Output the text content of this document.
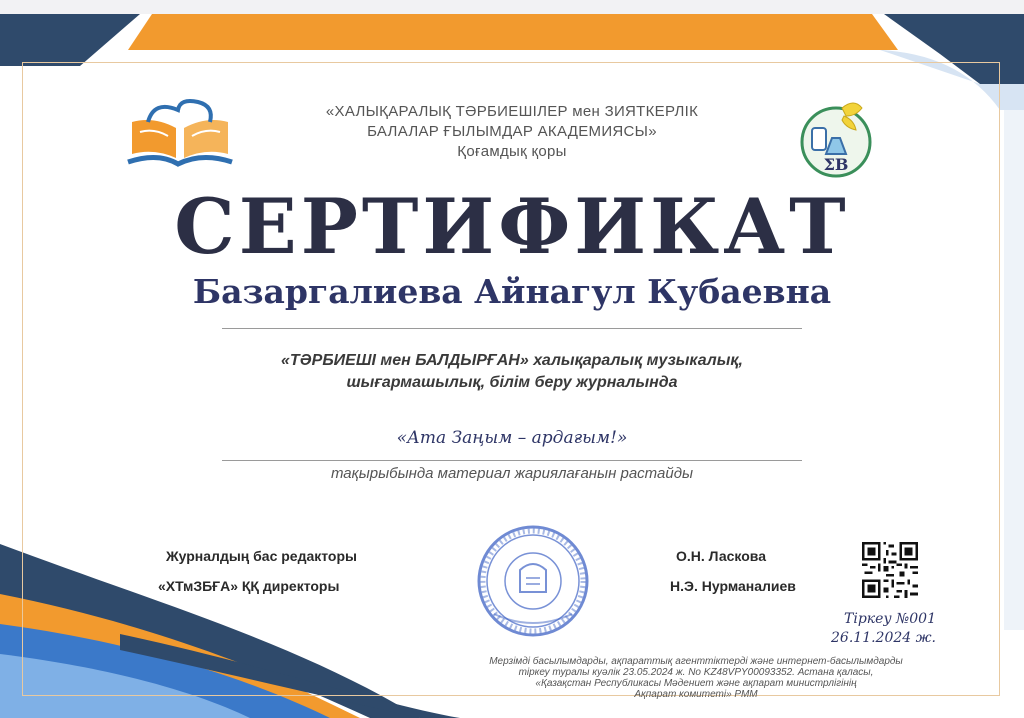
«ХАЛЫҚАРАЛЫҚ ТӘРБИЕШІЛЕР мен ЗИЯТКЕРЛІК
БАЛАЛАР ҒЫЛЫМДАР АКАДЕМИЯСЫ»
Қоғамдық қоры
ΣB
СЕРТИФИКАТ
Базаргалиева Айнагул Кубаевна
«ТӘРБИЕШІ мен БАЛДЫРҒАН» халықаралық музыкалық,
шығармашылық, білім беру журналында
«Ата Заңым – ардағым!»
тақырыбында материал жариялағанын растайды
Журналдың бас редакторы
«ХТмЗБҒА» ҚҚ директоры
О.Н. Ласкова
Н.Э. Нурманалиев
Тіркеу №001
26.11.2024 ж.
Мерзімді басылымдарды, ақпараттық агенттіктерді және интернет-басылымдарды
тіркеу туралы куәлік 23.05.2024 ж. No KZ48VPY00093352. Астана қаласы,
«Қазақстан Республикасы Мәдениет және ақпарат министрлігінің
Ақпарат комитеті» РММ
